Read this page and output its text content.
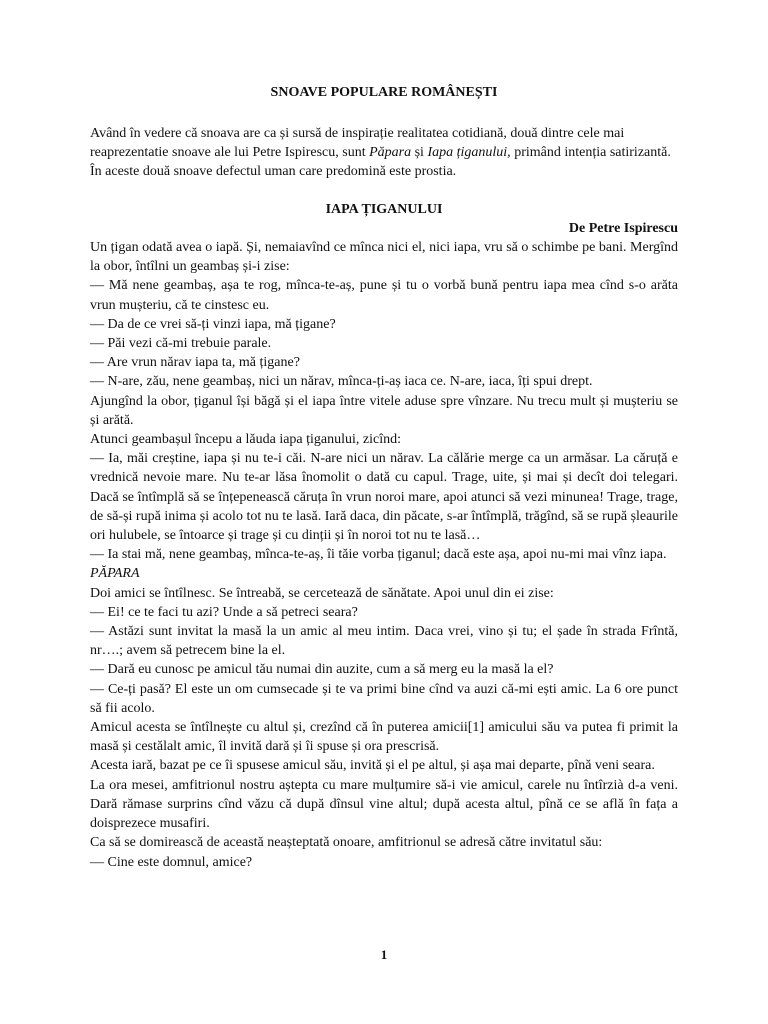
SNOAVE POPULARE ROMÂNEȘTI

Având în vedere că snoava are ca și sursă de inspirație realitatea cotidiană, două dintre cele mai reaprezentatie snoave ale lui Petre Ispirescu, sunt Păpara și Iapa țiganului, primând intenția satirizantă. În aceste două snoave defectul uman care predomină este prostia.

IAPA ȚIGANULUI
De Petre Ispirescu

Un țigan odată avea o iapă. Și, nemaiavînd ce mînca nici el, nici iapa, vru să o schimbe pe bani. Mergînd la obor, întîlni un geambaș și-i zise:

— Mă nene geambaș, așa te rog, mînca-te-aș, pune și tu o vorbă bună pentru iapa mea cînd s-o arăta vrun mușteriu, că te cinstesc eu.

— Da de ce vrei să-ți vinzi iapa, mă țigane?

— Păi vezi că-mi trebuie parale.

— Are vrun nărav iapa ta, mă țigane?

— N-are, zău, nene geambaș, nici un nărav, mînca-ți-aș iaca ce. N-are, iaca, îți spui drept.

Ajungînd la obor, țiganul își băgă și el iapa între vitele aduse spre vînzare. Nu trecu mult și mușteriu se și arătă.

Atunci geambașul începu a lăuda iapa țiganului, zicînd:

— Ia, măi creștine, iapa și nu te-i căi. N-are nici un nărav. La călărie merge ca un armăsar. La căruță e vrednică nevoie mare. Nu te-ar lăsa înomolit o dată cu capul. Trage, uite, și mai și decît doi telegari. Dacă se întîmplă să se înțepenească căruța în vrun noroi mare, apoi atunci să vezi minunea! Trage, trage, de să-și rupă inima și acolo tot nu te lasă. Iară daca, din păcate, s-ar întîmplă, trăgînd, să se rupă șleaurile ori hulubele, se întoarce și trage și cu dinții și în noroi tot nu te lasă…

— Ia stai mă, nene geambaș, mînca-te-aș, îi tăie vorba țiganul; dacă este așa, apoi nu-mi mai vînz iapa.

PĂPARA

Doi amici se întîlnesc. Se întreabă, se cercetează de sănătate. Apoi unul din ei zise:

— Ei! ce te faci tu azi? Unde a să petreci seara?

— Astăzi sunt invitat la masă la un amic al meu intim. Daca vrei, vino și tu; el șade în strada Frîntă, nr….; avem să petrecem bine la el.

— Dară eu cunosc pe amicul tău numai din auzite, cum a să merg eu la masă la el?

— Ce-ți pasă? El este un om cumsecade și te va primi bine cînd va auzi că-mi ești amic. La 6 ore punct să fii acolo.

Amicul acesta se întîlnește cu altul și, crezînd că în puterea amicii[1] amicului său va putea fi primit la masă și cestălalt amic, îl invită dară și îi spuse și ora prescrisă.

Acesta iară, bazat pe ce îi spusese amicul său, invită și el pe altul, și așa mai departe, pînă veni seara.

La ora mesei, amfitrionul nostru aștepta cu mare mulțumire să-i vie amicul, carele nu întîrzià d-a veni. Dară rămase surprins cînd văzu că după dînsul vine altul; după acesta altul, pînă ce se află în fața a doisprezece musafiri.

Ca să se domirească de această neașteptată onoare, amfitrionul se adresă către invitatul său:

— Cine este domnul, amice?

1
